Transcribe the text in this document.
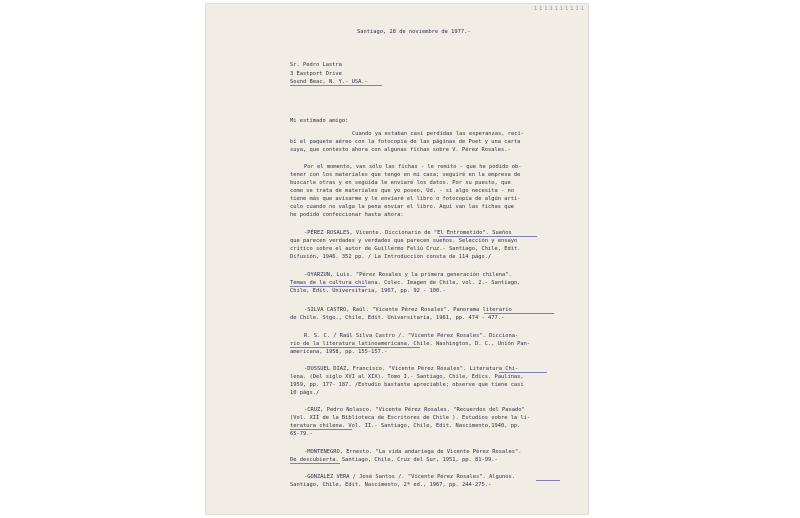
1 1 1 1 1 1 1 1 1 1
Santiago, 28 de noviembre de 1977.-
Sr. Pedro Lastra
3 Eastport Drive
Sound Beac, N. Y.- USA.-
Mi estimado amigo:
Cuando ya estaban casi perdidas las esperanzas, reci-
bí el paquete aéreo con la fotocopia de las páginas de Poet y una carta
suya, que contesto ahora con algunas fichas sobre V. Pérez Rosales.-
Por el momento, van sólo las fichas - le remito - que he podido ob-
tener con los materiales que tengo en mi casa; seguiré en la empresa de
buscarle otras y en seguida le enviaré los datos. Por su puesto, que
como se trata de materiales que yo poseo, Ud. - si algo necesita - no
tiene más que avisarme y le enviaré el libro o fotocopia de algún artí-
culo cuando no valga la pena enviar el libro. Aquí van las fichas que
he podido confeccionar hasta ahora:
-PÉREZ ROSALES, Vicente. Diccionario de "El Entrometido". Sueños
que parecen verdades y verdades que parecen sueños. Selección y ensayo
crítico sobre el autor de Guillermo Feliú Cruz.- Santiago, Chile, Edit.
Difusión, 1946. 352 pp. / La Introducción consta de 114 págs./
-OYARZUN, Luis. "Pérez Rosales y la primera generación chilena".
Temas de la cultura chilena. Colec. Imagen de Chile, vol. 2.- Santiago,
Chile, Edit. Universitaria, 1967, pp. 92 - 100.-
-SILVA CASTRO, Raúl. "Vicente Pérez Rosales". Panorama literario
de Chile. Stgo., Chile, Edit. Universitaria, 1961, pp. 474 - 477.-
R. S. C. / Raúl Silva Castro /. "Vicente Pérez Rosales". Dicciona-
rio de la literatura latinoamericana. Chile. Washington, D. C., Unión Pan-
americana, 1958, pp. 155-157.-
-DUSSUEL DIAZ, Francisco. "Vicente Pérez Rosales". Literatura Chi-
lena. (Del siglo XVI al XIX). Tomo I.- Santiago, Chile, Edics. Paulinas,
1959, pp. 177- 187. /Estudio bastante apreciable; observe que tiene casi
10 págs./
-CRUZ, Pedro Nolasco. "Vicente Pérez Rosales. "Recuerdos del Pasado"
(Vol. XII de la Biblioteca de Escritores de Chile ). Estudios sobre la li-
teratura chilena. Vol. II.- Santiago, Chile, Edit. Nascimento,1940, pp.
65-79.-
-MONTENEGRO, Ernesto. "La vida andariega de Vicente Pérez Rosales".
De descubierta. Santiago, Chile, Cruz del Sur, 1951, pp. 81-99.-
-GONZALEZ VERA / José Santos /. "Vicente Pérez Rosales". Algunos.
Santiago, Chile, Edit. Nascimento, 2ª ed., 1967, pp. 244-275.-
